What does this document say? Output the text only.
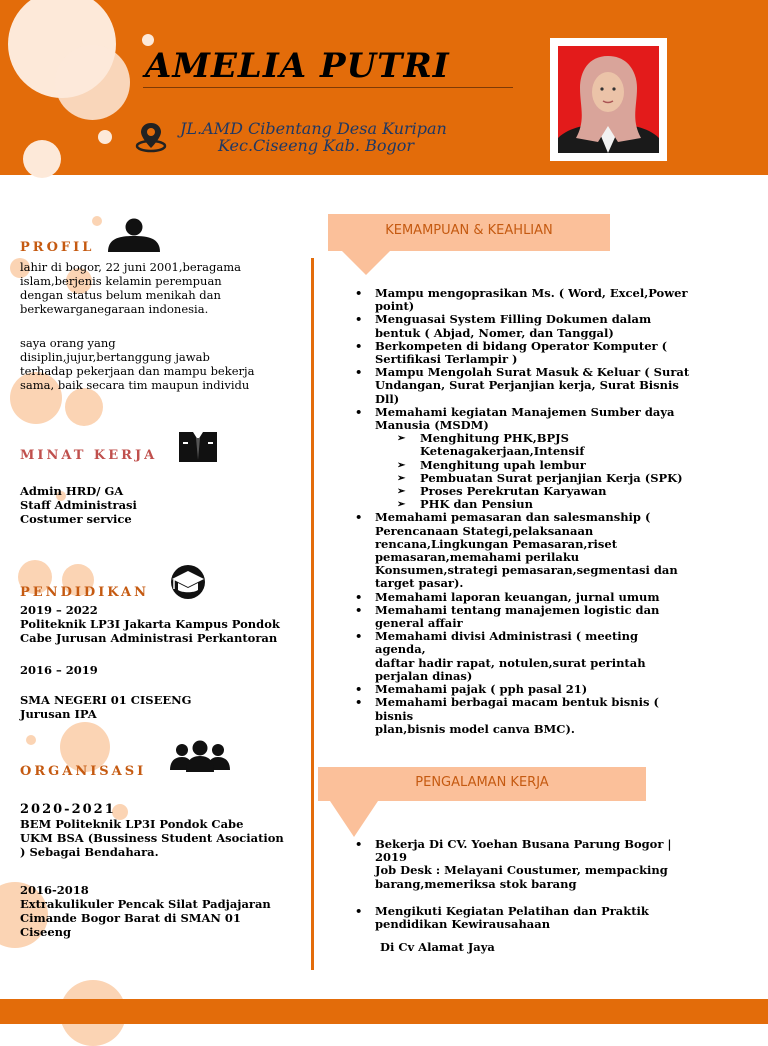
AMELIA PUTRI
JL.AMD Cibentang Desa Kuripan
Kec.Ciseeng Kab. Bogor
PROFIL
lahir di bogor, 22 juni 2001,beragama
islam,berjenis kelamin perempuan
dengan status belum menikah dan
berkewarganegaraan indonesia.
saya orang yang
disiplin,jujur,bertanggung jawab
terhadap pekerjaan dan mampu bekerja
sama, baik secara tim maupun individu
MINAT KERJA
Admin HRD/ GA
Staff Administrasi
Costumer service
PENDIDIKAN
2019 – 2022
Politeknik LP3I Jakarta Kampus Pondok
Cabe Jurusan Administrasi Perkantoran
2016 – 2019
SMA NEGERI 01 CISEENG
Jurusan IPA
ORGANISASI
2020-2021
BEM Politeknik LP3I Pondok Cabe
UKM BSA (Bussiness Student Asociation
) Sebagai Bendahara.
2016-2018
Extrakulikuler Pencak Silat Padjajaran
Cimande Bogor Barat di SMAN 01
Ciseeng
KEMAMPUAN & KEAHLIAN
• Mampu mengoprasikan Ms. ( Word, Excel,Power
point)
• Menguasai System Filling Dokumen dalam
bentuk ( Abjad, Nomer, dan Tanggal)
• Berkompeten di bidang Operator Komputer (
Sertifikasi Terlampir )
• Mampu Mengolah Surat Masuk & Keluar ( Surat
Undangan, Surat Perjanjian kerja, Surat Bisnis
Dll)
• Memahami kegiatan Manajemen Sumber daya
Manusia (MSDM)
➢ Menghitung PHK,BPJS
Ketenagakerjaan,Intensif
➢ Menghitung upah lembur
➢ Pembuatan Surat perjanjian Kerja (SPK)
➢ Proses Perekrutan Karyawan
➢ PHK dan Pensiun
• Memahami pemasaran dan salesmanship (
Perencanaan Stategi,pelaksanaan
rencana,Lingkungan Pemasaran,riset
pemasaran,memahami perilaku
Konsumen,strategi pemasaran,segmentasi dan
target pasar).
• Memahami laporan keuangan, jurnal umum
• Memahami tentang manajemen logistic dan
general affair
• Memahami divisi Administrasi ( meeting agenda,
daftar hadir rapat, notulen,surat perintah
perjalan dinas)
• Memahami pajak ( pph pasal 21)
• Memahami berbagai macam bentuk bisnis ( bisnis
plan,bisnis model canva BMC).
PENGALAMAN KERJA
• Bekerja Di CV. Yoehan Busana Parung Bogor |
2019
Job Desk : Melayani Coustumer, mempacking
barang,memeriksa stok barang
• Mengikuti Kegiatan Pelatihan dan Praktik
pendidikan Kewirausahaan
Di Cv Alamat Jaya
